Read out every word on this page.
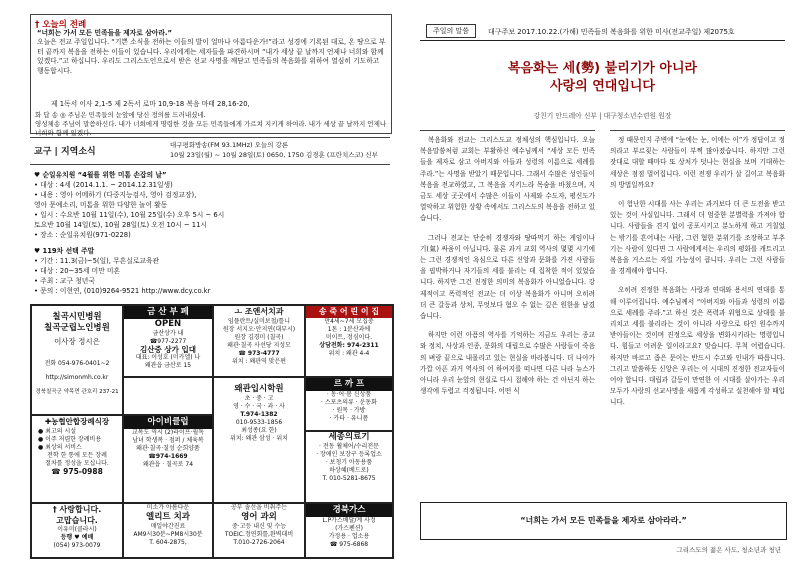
† 오늘의 전례
“너희는 가서 모든 민족들을 제자로 삼아라.”
오늘은 전교 주일입니다. “기쁜 소식을 전하는 이들의 발이 얼마나 아름다운가!”라고 성경에 기록된 대로, 온 땅으로 부터 끝까지 복음을 전하는 이들이 있습니다. 우리에게는 세자들을 파견하시며 “내가 세상 끝 날까지 언제나 너희와 함께 있겠다.”고 하십니다. 우리도 그리스도인으로서 받은 선교 사명을 깨닫고 민족들의 복음화를 위하여 열심히 기도하고 행동합시다.
제 1독서 이사 2,1-5 제 2독서 로마 10,9-18 복음 마태 28,16-20,
화 답 송 ◎ 주님은 민족들의 눈앞에 당신 정의를 드러내셨네.
영성체송 주님이 말씀하신다. 내가 너희에게 명령한 것을 모든 민족들에게 가르쳐 지키게 하여라. 내가 세상 끝 날까지 언제나 너희와 함께 있겠다.
교구 | 지역소식
대구평화방송(FM 93.1MHz) 오늘의 강론
10월 23일(월) ~ 10월 28일(토) 0650, 1750 김경훈 (프란치스코) 신부
♥ 순일유치원 “4월를 위한 미톰 손잡의 날”
• 대상 : 4세 (2014.1.1. ~ 2014.12.31일생)
• 내용 : 영아 어메하기 (다중지능검사, 영아 검정교장),
영아 문예소리, 미톰을 위한 다양한 놀이 활동
• 일시 : 수요반 10월 11일(수), 10월 25일(수) 오후 5시 ~ 6시
토요반 10월 14일(토), 10월 28일(토) 오전 10시 ~ 11시
• 장소 : 순일유치원(971-0228)
♥ 119차 선택 주말
• 기간 : 11.3(금)~5(일), 무흔실로교육관
• 대상 : 20~35세 미만 미혼
• 주최 : 교구 청년국
• 문의 : 이현연, (010)9264-9521 http://www.dcy.co.kr
칠곡시민병원
칠곡군립노인병원
이사장 정시은
전화 054-976-0401~2
http://simonmh.co.kr
경북칠곡군 약목면 관호리 237-21
금 산 부 페
OPEN
금산상가 내
☎977-2277
김산중 상가 입대
대표: 이성호 (미카엘) 나
왜관읍 금산로 15
ㅗ 조앤서치과
임플란트/실미보철/틀니
원장 서지오·안지연(대부시)
원장 김경미 (칠곡)
왜관·칠곡 사선당 지성모
☎ 973-4777
위치 : 왜관역 맞은편
송 죽 어 린 이 집
만4세~7세 모집중
1톤 : 1분산과에
미이트, 정심이다.
상담전화: 974-2311
위치 : 왜관 4-4
✚농협안합장례식장
● 최고의 시설
● 이주 저렴한 장례비용
● 최상의 서비스
전학 한 통에 모든 장례
절차를 정성을 모십니다.
☎ 975-0988
아이비클럽
교복도 역시 (2)라이프·필독
남녀 학생복 · 점퍼 / 체육복
왜관·칠곡·칠성 순희양품
☎974-1669
왜관읍 · 칠곡로 74
왜관입시학원
초 · 중 · 고
영 · 수 · 국 · 과 · 사
T.974-1382
010-9533-1856
최성종(요 한)
위치: 왜관 삼성 · 위치
르 까 프
· 동·어·봄 신상품
· 스포츠의류 · 운동화
· 원목 · 가방
· 카타 · 유니폼
세종의료기
· 전동 휠체어/수리전문
· 장애인 보장구 등록업소
· 보청기 아동용품
하상혜(베드로)
T. 010-5281-8675
† 사랑합니다.
고맙습니다.
이유미(클라시)
등행 ♥ 예배
(054) 973-0079
미소가 아름다운
엘리트 치과
매일야간진료
AM9시30분~PM8시30분
T. 604-2875,
공부 솔선을 비춰주는
영어 과외
중·고등 내신 및 수능
TOEIC.정연회를,완벽대비
T.010-2726-2064
경북가스
L.P가스배달/계 사정
(가스펜션)
가정용 · 업소용
☎ 975-6868
주일의 말씀	대구주보 2017.10.22.(가해) 민족들의 복음화를 위한 미사(전교주일) 제2075호
복음화는 세(勢) 불리기가 아니라
사랑의 연대입니다
강친기 안드레아 신부 | 대구청소년수련원 원장

복음화와 전교는 그리스도교 정체성의 핵심입니다. 오늘 복음말씀처럼 교회는 부활하신 예수님께서 “세상 모든 민족들을 제자로 삼고 아버지와 아들과 성령의 이름으로 세례를 주라.”는 사명을 받았기 때문입니다. 그래서 수많은 성인들이 복음을 전교하였고, 그 복음을 지키느라 목숨을 바쳤으며, 지금도 세상 곳곳에서 수많은 이들이 사제와 수도자, 평신도가 열악하고 위험한 상황 속에서도 그리스도의 복음을 전하고 있습니다.

그러나 전교는 단순히 경쟁자와 땅따먹기 하는 게임이나 기(氣) 싸움이 아닙니다. 물론 과거 교회 역사의 몇몇 시기에는 그런 경쟁적인 욕심으로 다른 신앙과 문화를 가진 사람들을 핍박하거나 자기들의 세를 불리는 데 집착한 적이 있었습니다. 하지만 그건 진정한 의미의 복음화가 아니었습니다. 강제적이고 폭력적인 전교는 더 이상 복음화가 아니며 오히려 더 큰 갈등과 상처, 무엇보다 혐오 수 없는 깊은 원한을 남겼습니다.

하지만 이런 아픔의 역사를 기억하는 지금도 우리는 종교와 정치, 사상과 인종, 문화의 대립으로 수많은 사람들이 죽음의 벼랑 끝으로 내몰리고 있는 현실을 바라봅니다. 더 나아가 가깝 아픈 과거 역사의 어 하여지를 떠나면 다른 나라 뉴스가 아니라 우리 눈앞의 현실로 다시 접해야 하는 건 아닌지 하는 생각에 두렵고 걱정됩니다. 어떤 식

정 때문인지 주변에 “눈에는 눈, 이에는 이”가 정답이고 정의라고 부르짖는 사람들이 부쩍 많아졌습니다. 하지만 그런 잣대로 대할 때마다 또 상처가 덧나는 현실을 보며 기대하는 세상은 점점 멀어집니다. 이런 전쟁 우리가 살 길이고 복음화의 방법일까요?

이 험난한 시대를 사는 우리는 과거보다 더 큰 도전을 받고 있는 것이 사실입니다. 그래서 더 엄중한 분별력을 가져야 합니다. 사람들을 견지 없이 공포시키고 분노하게 하고 거칠었는 밖기를 흔어내는 사람, 그런 혐한 분위기를 조장하고 부추기는 사람이 있다면 그 사람에게서는 우리의 평화를 캐트리고 복음을 거스르는 자일 가능성이 큽니다. 우리는 그런 사람들을 경계해야 합니다.

오히려 진정한 복음화는 사랑과 연대와 용서의 연대를 통해 이루어집니다. 예수님께서 “아버지와 아들과 성령의 이름으로 세례를 주라.”고 하신 것은 폭력과 위협으로 상대를 불리치고 세를 불리라는 것이 아니라 사랑으로 타인 원수까지 받아들이는 것이며 진정으로 세상을 변화시키라는 명령입니다. 힘들고 어려운 일이라고요? 맞습니다. 무척 어렵습니다. 하지만 바르고 좁은 문이는 반드시 수고와 인내가 따릅니다. 그리고 말씀하듯 신앙은 우리는 이 시대의 진정한 전교자들이 어야 합니다. 대립과 갈등이 만연한 이 시대를 살아가는 우리 모두가 사랑의 선교사명을 새롭게 각성하고 실천해야 할 때입니다.

“너희는 가서 모든 민족들을 제자로 삼아라라.”
그리스도의 젊은 사도, 청소년과 청년
